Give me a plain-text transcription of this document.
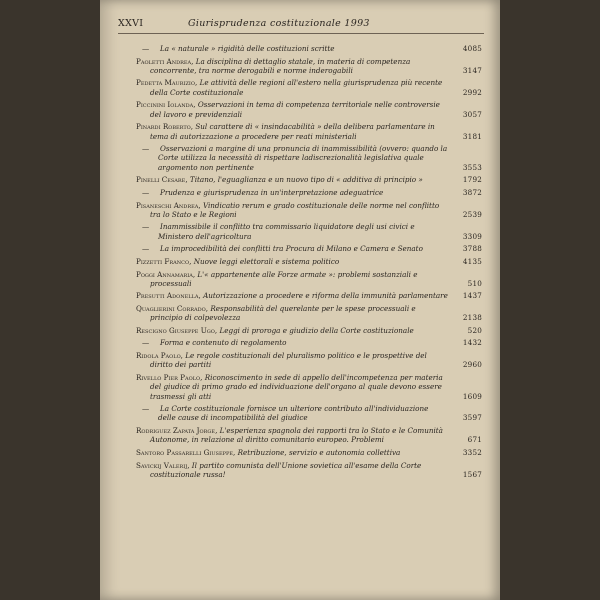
XXVI	Giurisprudenza costituzionale 1993
— La « naturale » rigidità delle costituzioni scritte	4085
Paoletti Andrea, La disciplina di dettaglio statale, in materia di competenza concorrente, tra norme derogabili e norme inderogabili	3147
Pedetta Maurizio, Le attività delle regioni all'estero nella giurisprudenza più recente della Corte costituzionale	2992
Piccinini Iolanda, Osservazioni in tema di competenza territoriale nelle controversie del lavoro e previdenziali	3057
Pinardi Roberto, Sul carattere di « insindacabilità » della delibera parlamentare in tema di autorizzazione a procedere per reati ministeriali	3181
— Osservazioni a margine di una pronuncia di inammissibilità (ovvero: quando la Corte utilizza la necessità di rispettare ladiscrezionalità legislativa quale argomento non pertinente	3553
Pinelli Cesare, Titano, l'eguaglianza e un nuovo tipo di « additiva di principio »	1792
— Prudenza e giurisprudenza in un'interpretazione adeguatrice	3872
Pisaneschi Andrea, Vindicatio rerum e grado costituzionale delle norme nel conflitto tra lo Stato e le Regioni	2539
— Inammissibile il conflitto tra commissario liquidatore degli usi civici e Ministero dell'agricoltura	3309
— La improcedibilità dei conflitti tra Procura di Milano e Camera e Senato	3788
Pizzetti Franco, Nuove leggi elettorali e sistema politico	4135
Poggi Annamaria, L'« appartenente alle Forze armate »: problemi sostanziali e processuali	510
Presutti Adonella, Autorizzazione a procedere e riforma della immunità parlamentare 1437
Quaglierini Corrado, Responsabilità del querelante per le spese processuali e principio di colpevolezza	2138
Rescigno Giuseppe Ugo, Leggi di proroga e giudizio della Corte costituzionale	520
— Forma e contenuto di regolamento	1432
Ridola Paolo, Le regole costituzionali del pluralismo politico e le prospettive del diritto dei partiti	2960
Rivello Pier Paolo, Riconoscimento in sede di appello dell'incompetenza per materia del giudice di primo grado ed individuazione dell'organo al quale devono essere trasmessi gli atti	1609
— La Corte costituzionale fornisce un ulteriore contributo all'individuazione delle cause di incompatibilità del giudice	3597
Rodriguez Zapata Jorge, L'esperienza spagnola dei rapporti tra lo Stato e le Comunità Autonome, in relazione al diritto comunitario europeo. Problemi	671
Santoro Passarelli Giuseppe, Retribuzione, servizio e autonomia collettiva	3352
Savickij Valerij, Il partito comunista dell'Unione sovietica all'esame della Corte costituzionale russa!	1567
